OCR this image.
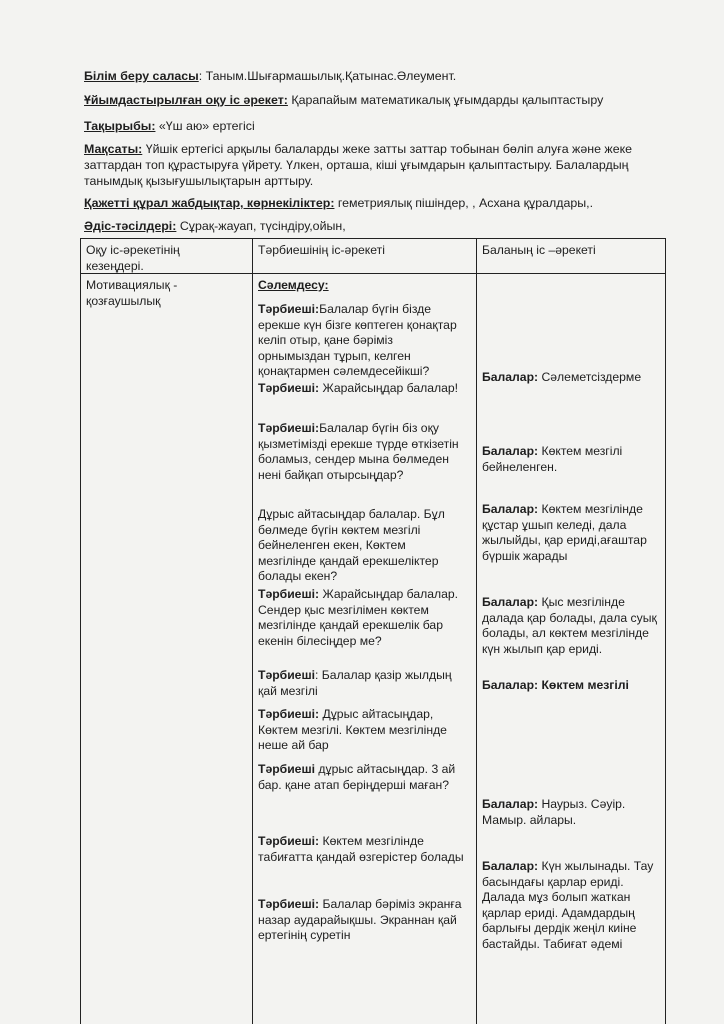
Білім беру саласы: Таным.Шығармашылық.Қатынас.Әлеумент.
Ұйымдастырылған оқу іс әрекет: Қарапайым математикалық ұғымдарды қалыптастыру
Тақырыбы: «Үш аю» ертегісі
Мақсаты: Үйшік ертегісі арқылы балаларды жеке затты заттар тобынан бөліп алуға және жеке заттардан топ құрастыруға үйрету. Үлкен, орташа, кіші ұғымдарын қалыптастыру. Балалардың танымдық қызығушылықтарын арттыру.
Қажетті құрал жабдықтар, көрнекіліктер: геметриялық пішіндер, , Асхана құралдары,.
Әдіс-тәсілдері: Сұрақ-жауап, түсіндіру,ойын,
Оқу іс-әрекетінің кезеңдері.
Тәрбиешінің іс-әрекеті	Баланың іс –әрекеті
Мотивациялық - қозғаушылық
Сәлемдесу:
Тәрбиеші:Балалар бүгін бізде ерекше күн бізге көптеген қонақтар келіп отыр, қане бәріміз орнымыздан тұрып, келген қонақтармен сәлемдесейікші?
Тәрбиеші: Жарайсыңдар балалар!
Тәрбиеші:Балалар бүгін біз оқу қызметімізді ерекше түрде өткізетін боламыз, сендер мына бөлмеден нені байқап отырсыңдар?
Дұрыс айтасыңдар балалар. Бұл бөлмеде бүгін көктем мезгілі бейнеленген екен, Көктем мезгілінде қандай ерекшеліктер болады екен?
Тәрбиеші: Жарайсыңдар балалар. Сендер қыс мезгілімен көктем мезгілінде қандай ерекшелік бар екенін білесіңдер ме?
Тәрбиеші: Балалар қазір жылдың қай мезгілі
Тәрбиеші: Дұрыс айтасыңдар, Көктем мезгілі. Көктем мезгілінде неше ай бар
Тәрбиеші дұрыс айтасыңдар. 3 ай бар. қане атап беріңдерші маған?
Тәрбиеші: Көктем мезгілінде табиғатта қандай өзгерістер болады
Тәрбиеші: Балалар бәріміз экранға назар аударайықшы. Экраннан қай ертегінің суретін
Балалар: Сәлеметсіздерме
Балалар: Көктем мезгілі бейнеленген.
Балалар: Көктем мезгілінде құстар ұшып келеді, дала жылыйды, қар ериді,ағаштар бүршік жарады
Балалар: Қыс мезгілінде далада қар болады, дала суық болады, ал көктем мезгілінде күн жылып қар ериді.
Балалар: Көктем мезгілі
Балалар: Наурыз. Сәуір. Мамыр. айлары.
Балалар: Күн жылынады. Тау басындағы қарлар ериді. Далада мұз болып жаткан қарлар ериді. Адамдардың барлығы дердік жеңіл киіне бастайды. Табиғат әдемі
